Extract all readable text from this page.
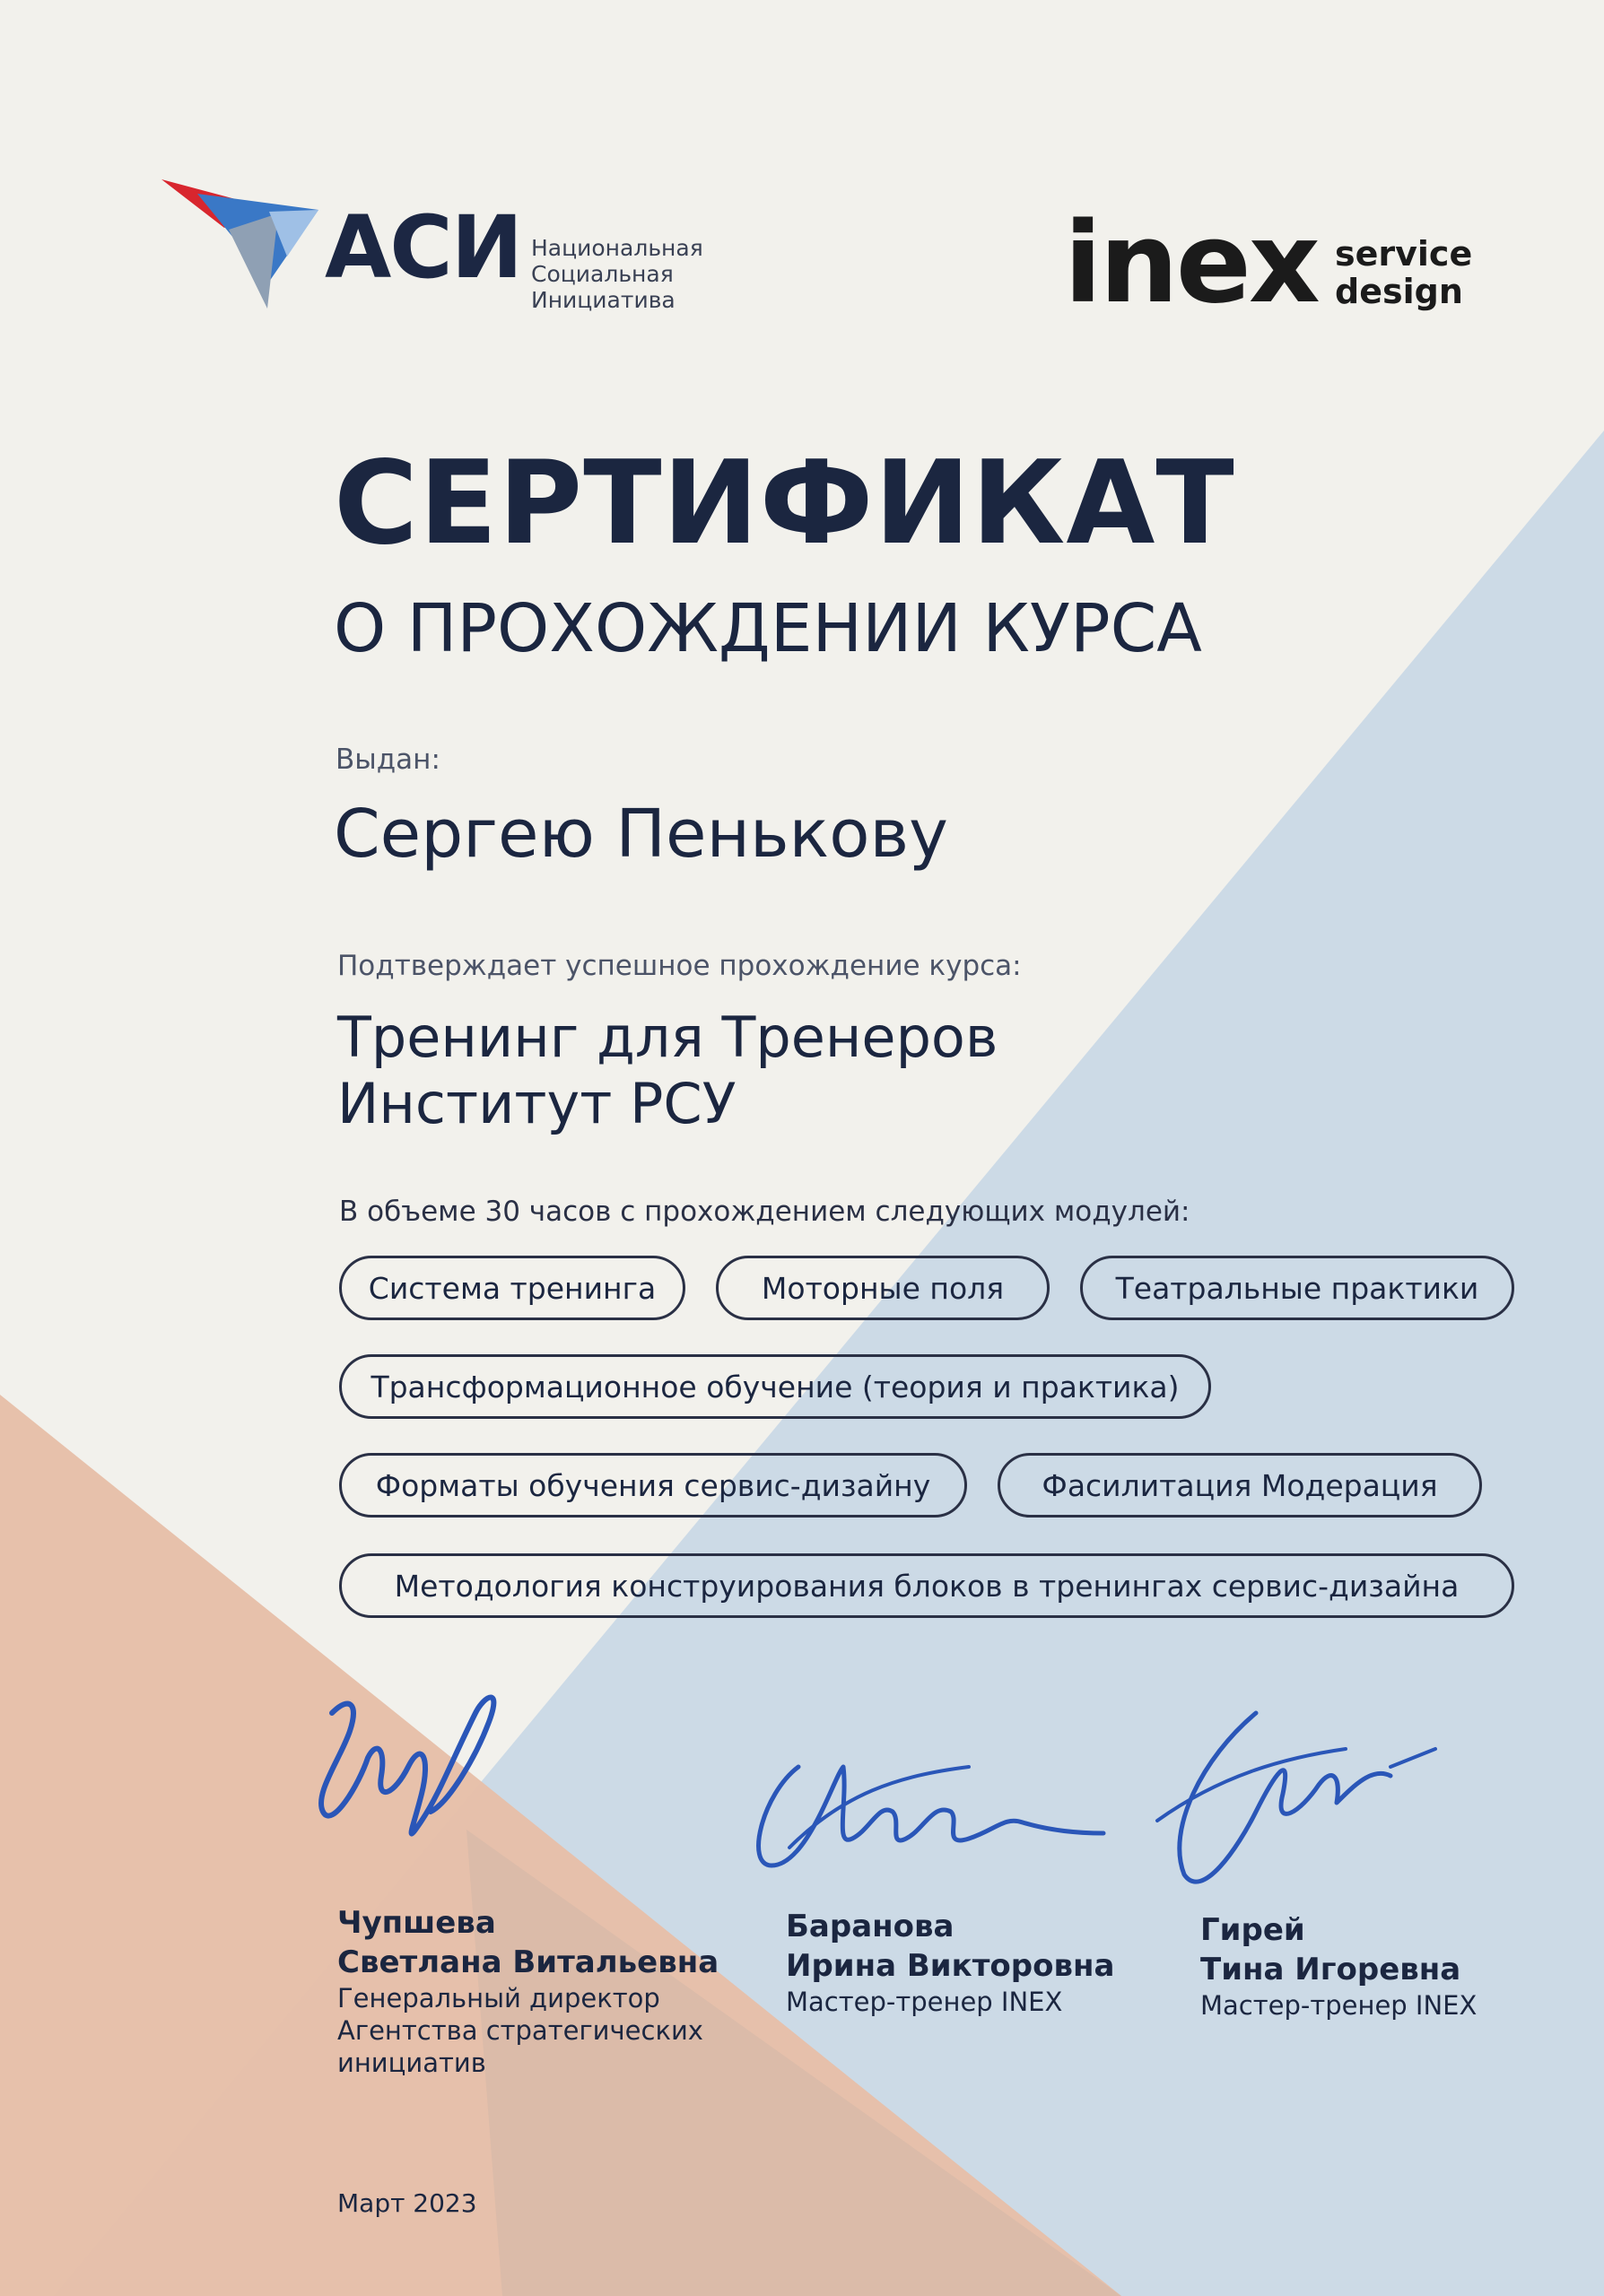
АСИ Национальная
Социальная
Инициатива	inex service
design
СЕРТИФИКАТ
О ПРОХОЖДЕНИИ КУРСА
Выдан:
Сергею Пенькову
Подтверждает успешное прохождение курса:
Тренинг для Тренеров
Институт РСУ
В объеме 30 часов с прохождением следующих модулей:
Система тренинга	Моторные поля	Театральные практики
Трансформационное обучение (теория и практика)
Форматы обучения сервис-дизайну	Фасилитация Модерация
Методология конструирования блоков в тренингах сервис-дизайна
Чупшева
Светлана Витальевна
Генеральный директор
Агентства стратегических
инициатив
Баранова
Ирина Викторовна
Мастер-тренер INEX
Гирей
Тина Игоревна
Мастер-тренер INEX
Март 2023
